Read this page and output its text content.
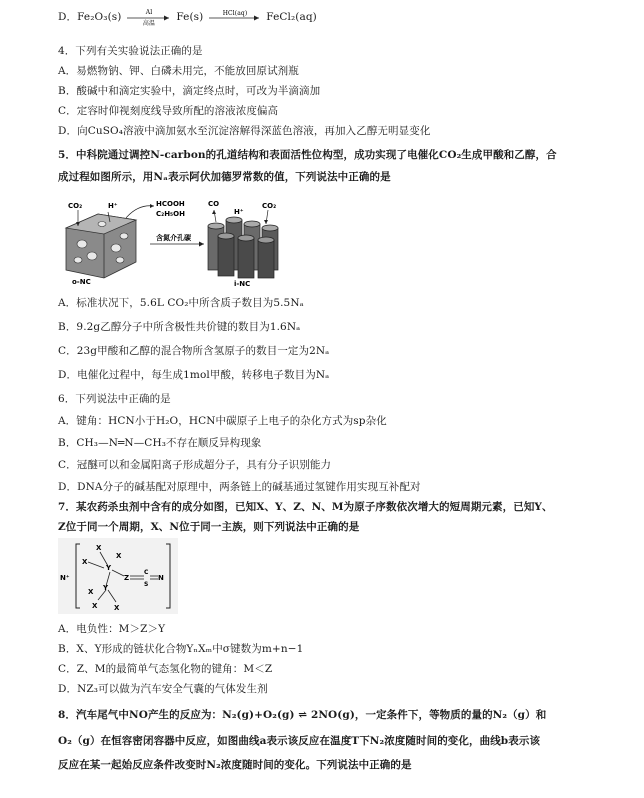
D．Fe₂O₃(s)	Al
高温
Fe(s)	HCl(aq) FeCl₂(aq)
4．下列有关实验说法正确的是
A．易燃物钠、钾、白磷未用完，不能放回原试剂瓶
B．酸碱中和滴定实验中，滴定终点时，可改为半滴滴加
C．定容时仰视刻度线导致所配的溶液浓度偏高
D．向CuSO₄溶液中滴加氨水至沉淀溶解得深蓝色溶液，再加入乙醇无明显变化
5．中科院通过调控N-carbon的孔道结构和表面活性位构型，成功实现了电催化CO₂生成甲酸和乙醇，合
成过程如图所示，用Nₐ表示阿伏加德罗常数的值，下列说法中正确的是
CO₂	H⁺	HCOOH
C₂H₅OH
CO
H⁺
CO₂
含氮介孔碳
o-NC	i-NC
A．标准状况下，5.6L CO₂中所含质子数目为5.5Nₐ
B．9.2g乙醇分子中所含极性共价键的数目为1.6Nₐ
C．23g甲酸和乙醇的混合物所含氢原子的数目一定为2Nₐ
D．电催化过程中，每生成1mol甲酸，转移电子数目为Nₐ
6．下列说法中正确的是
A．键角：HCN小于H₂O，HCN中碳原子上电子的杂化方式为sp杂化
B．CH₃—N═N—CH₃不存在顺反异构现象
C．冠醚可以和金属阳离子形成超分子，具有分子识别能力
D．DNA分子的碱基配对原理中，两条链上的碱基通过氢键作用实现互补配对
7．某农药杀虫剂中含有的成分如图，已知X、Y、Z、N、M为原子序数依次增大的短周期元素，已知Y、
Z位于同一个周期，X、N位于同一主族，则下列说法中正确的是
N⁺
X
X
X
X X
X
Y
Y
Z
C
S
N
A．电负性：M＞Z＞Y
B．X、Y形成的链状化合物YₙXₘ中σ键数为m+n−1
C．Z、M的最简单气态氢化物的键角：M＜Z
D．NZ₃可以做为汽车安全气囊的气体发生剂
8．汽车尾气中NO产生的反应为：N₂(g)+O₂(g) ⇌ 2NO(g)，一定条件下，等物质的量的N₂（g）和
O₂（g）在恒容密闭容器中反应，如图曲线a表示该反应在温度T下N₂浓度随时间的变化，曲线b表示该
反应在某一起始反应条件改变时N₂浓度随时间的变化。下列说法中正确的是
